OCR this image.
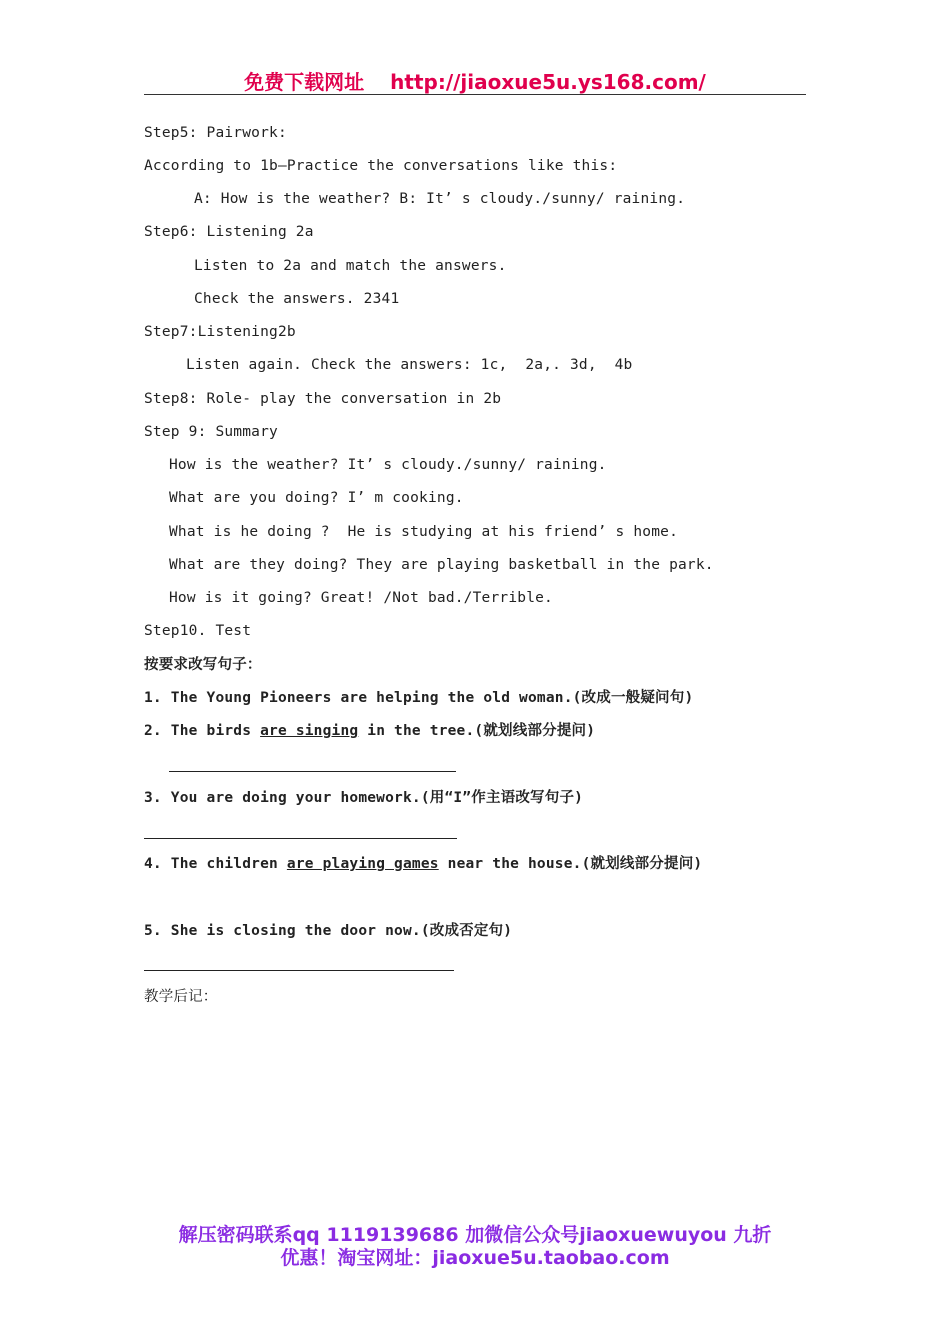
免费下载网址 http://jiaoxue5u.ys168.com/
Step5: Pairwork:
According to 1b—Practice the conversations like this:
A: How is the weather? B: It’ s cloudy./sunny/ raining.
Step6: Listening 2a
Listen to 2a and match the answers.
Check the answers. 2341
Step7:Listening2b
Listen again. Check the answers: 1c,  2a,. 3d,  4b
Step8: Role- play the conversation in 2b
Step 9: Summary
How is the weather? It’ s cloudy./sunny/ raining.
What are you doing? I’ m cooking.
What is he doing ?  He is studying at his friend’ s home.
What are they doing? They are playing basketball in the park.
How is it going? Great! /Not bad./Terrible.
Step10. Test
按要求改写句子：
1. The Young Pioneers are helping the old woman.(改成一般疑问句)
2. The birds are singing in the tree.(就划线部分提问)
3. You are doing your homework.(用“I”作主语改写句子)
4. The children are playing games near the house.(就划线部分提问)
5. She is closing the door now.(改成否定句)
教学后记：
解压密码联系qq 1119139686 加微信公众号jiaoxuewuyou 九折
优惠！淘宝网址：jiaoxue5u.taobao.com
